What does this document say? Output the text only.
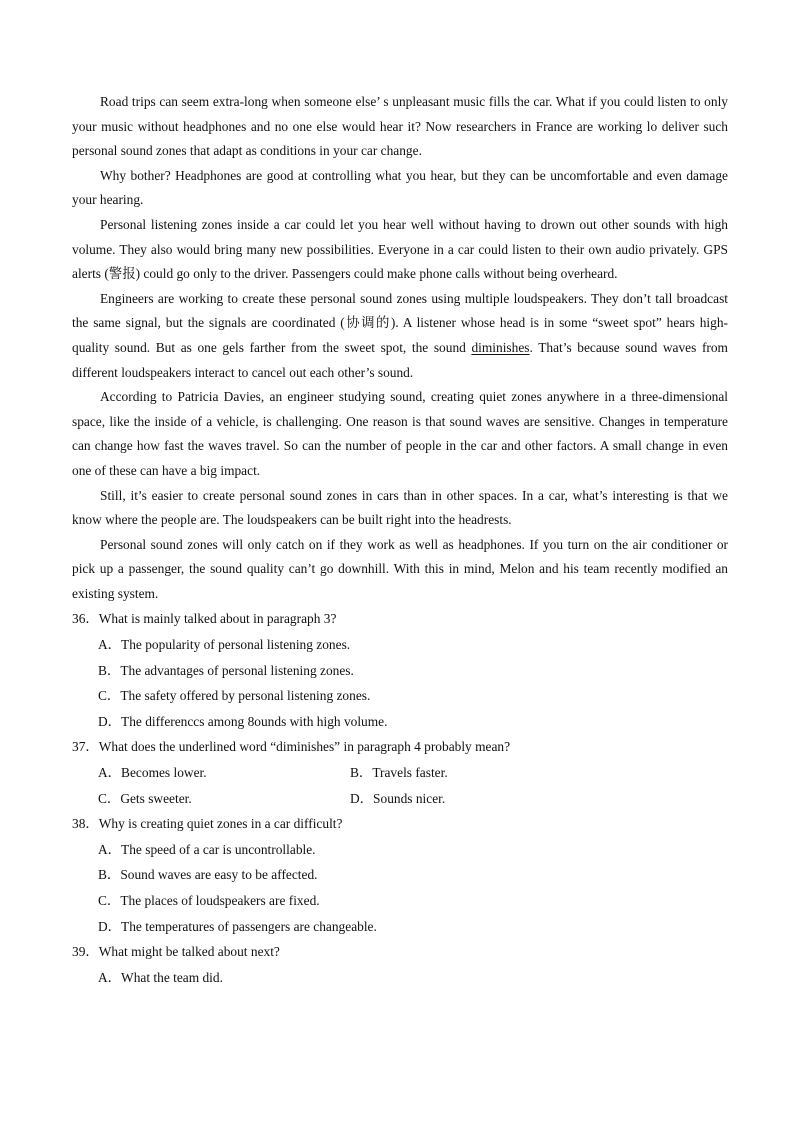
Road trips can seem extra-long when someone else’ s unpleasant music fills the car. What if you could listen to only your music without headphones and no one else would hear it? Now researchers in France are working lo deliver such personal sound zones that adapt as conditions in your car change.

Why bother? Headphones are good at controlling what you hear, but they can be uncomfortable and even damage your hearing.

Personal listening zones inside a car could let you hear well without having to drown out other sounds with high volume. They also would bring many new possibilities. Everyone in a car could listen to their own audio privately. GPS alerts (警报) could go only to the driver. Passengers could make phone calls without being overheard.

Engineers are working to create these personal sound zones using multiple loudspeakers. They don’t tall broadcast the same signal, but the signals are coordinated (协调的). A listener whose head is in some “sweet spot” hears high-quality sound. But as one gels farther from the sweet spot, the sound diminishes. That’s because sound waves from different loudspeakers interact to cancel out each other’s sound.

According to Patricia Davies, an engineer studying sound, creating quiet zones anywhere in a three-dimensional space, like the inside of a vehicle, is challenging. One reason is that sound waves are sensitive. Changes in temperature can change how fast the waves travel. So can the number of people in the car and other factors. A small change in even one of these can have a big impact.

Still, it’s easier to create personal sound zones in cars than in other spaces. In a car, what’s interesting is that we know where the people are. The loudspeakers can be built right into the headrests.

Personal sound zones will only catch on if they work as well as headphones. If you turn on the air conditioner or pick up a passenger, the sound quality can’t go downhill. With this in mind, Melon and his team recently modified an existing system.

36．What is mainly talked about in paragraph 3?

A．The popularity of personal listening zones.

B．The advantages of personal listening zones.

C．The safety offered by personal listening zones.

D．The differenccs among 8ounds with high volume.

37．What does the underlined word “diminishes” in paragraph 4 probably mean?

A．Becomes lower.	B．Travels faster.
C．Gets sweeter.	D．Sounds nicer.

38．Why is creating quiet zones in a car difficult?

A．The speed of a car is uncontrollable.

B．Sound waves are easy to be affected.

C．The places of loudspeakers are fixed.

D．The temperatures of passengers are changeable.

39．What might be talked about next?

A．What the team did.
